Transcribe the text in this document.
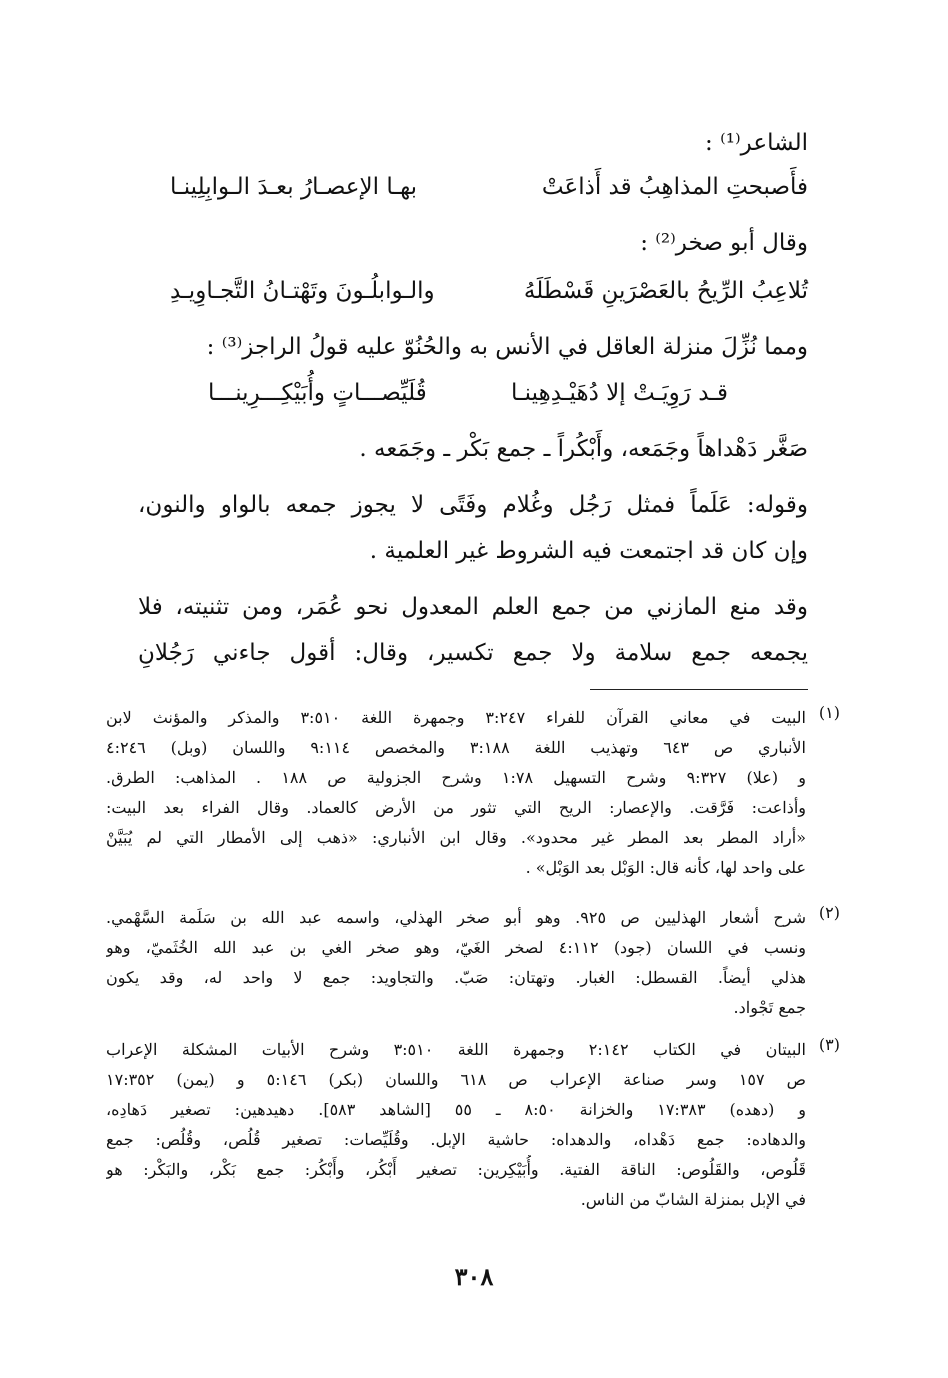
الشاعر⁽¹⁾ :
فأَصبحتِ المذاهِبُ قد أَذاعَتْ
بهـا الإعصـارُ بعـدَ الـوابِلِينـا
وقال أبو صخر⁽²⁾ :
تُلاعِبُ الرِّيحُ بالعَصْرَينِ قَسْطَلَهُ
والـوابلُـونَ وتَهْتـانُ التَّجـاوِيـدِ
ومما نُزِّلَ منزلة العاقل في الأنس به والحُنُوّ عليه قولُ الراجز⁽³⁾ :
قـد رَوِيَـتْ إلا دُهَيْـدِهِينـا
قُلَيِّصـــاتٍ وأُبَيْكِـــرِينـــا
صَغَّر دَهْداهاً وجَمَعه، وأَبْكُراً ـ جمع بَكْر ـ وجَمَعه .
وقوله: عَلَماً فمثل رَجُل وغُلام وفَتًى لا يجوز جمعه بالواو والنون،
وإن كان قد اجتمعت فيه الشروط غير العلمية .
وقد منع المازني من جمع العلم المعدول نحو عُمَر، ومن تثنيته، فلا
يجمعه جمع سلامة ولا جمع تكسير، وقال: أقول جاءني رَجُلانِ
(١)
البيت في معاني القرآن للفراء ٣:٢٤٧ وجمهرة اللغة ٣:٥١٠ والمذكر والمؤنث لابن
الأنباري ص ٦٤٣ وتهذيب اللغة ٣:١٨٨ والمخصص ٩:١١٤ واللسان (وبل) ٤:٢٤٦
و (علا) ٩:٣٢٧ وشرح التسهيل ١:٧٨ وشرح الجزولية ص ١٨٨ . المذاهب: الطرق.
وأذاعت: فَرَّقت. والإعصار: الريح التي تثور من الأرض كالعماد. وقال الفراء بعد البيت:
«أراد المطر بعد المطر غير محدود». وقال ابن الأنباري: «ذهب إلى الأمطار التي لم يُبَيَّنْ
على واحد لها، كأنه قال: الوَبْل بعد الوَبْل» .
(٢)
شرح أشعار الهذليين ص ٩٢٥. وهو أبو صخر الهذلي، واسمه عبد الله بن سَلَمة السَّهْمي.
ونسب في اللسان (جود) ٤:١١٢ لصخر الغَيّ، وهو صخر الغي بن عبد الله الخُثَميّ، وهو
هذلي أيضاً. القسطل: الغبار. وتهتان: صَبّ. والتجاويد: جمع لا واحد له، وقد يكون
جمع تَجْواد.
(٣)
البيتان في الكتاب ٢:١٤٢ وجمهرة اللغة ٣:٥١٠ وشرح الأبيات المشكلة الإعراب
ص ١٥٧ وسر صناعة الإعراب ص ٦١٨ واللسان (بكر) ٥:١٤٦ و (يمن) ١٧:٣٥٢
و (دهده) ١٧:٣٨٣ والخزانة ٨:٥٠ ـ ٥٥ [الشاهد ٥٨٣]. دهيدهين: تصغير دَهادِه،
والدهاده: جمع دَهْداه، والدهداه: حاشية الإبل. وقُلَيِّصات: تصغير قُلُص، وقُلُص: جمع
قَلُوص، والقَلُوص: الناقة الفتية. وأُبَيْكِرين: تصغير أَبْكُر، وأَبْكُر: جمع بَكْر، والبَكْر: هو
في الإبل بمنزلة الشابّ من الناس.
٣٠٨
